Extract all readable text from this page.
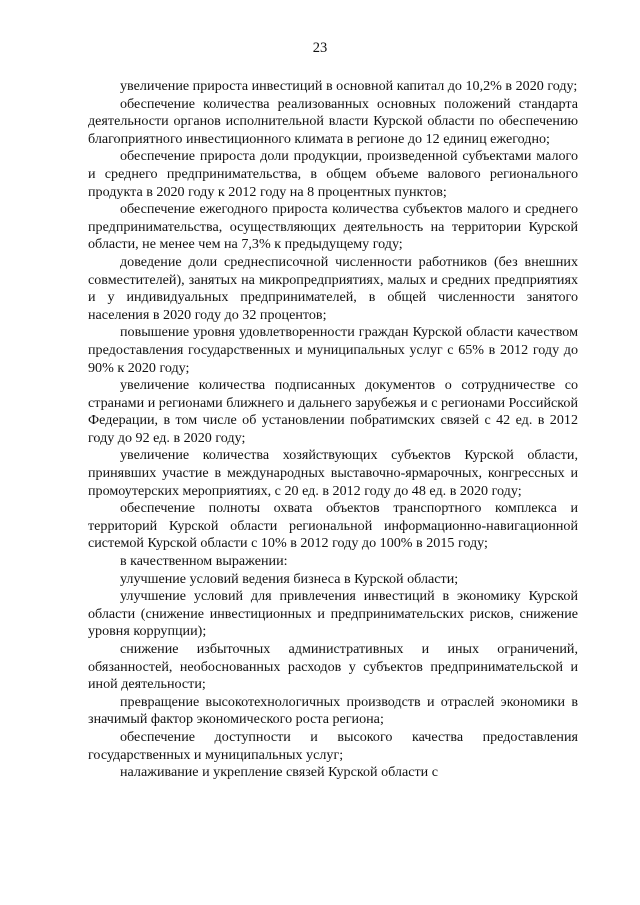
23

увеличение прироста инвестиций в основной капитал до 10,2% в 2020 году;

обеспечение количества реализованных основных положений стандарта деятельности органов исполнительной власти Курской области по обеспечению благоприятного инвестиционного климата в регионе до 12 единиц ежегодно;

обеспечение прироста доли продукции, произведенной субъектами малого и среднего предпринимательства, в общем объеме валового регионального продукта в 2020 году к 2012 году на 8 процентных пунктов;

обеспечение ежегодного прироста количества субъектов малого и среднего предпринимательства, осуществляющих деятельность на территории Курской области, не менее чем на 7,3% к предыдущему году;

доведение доли среднесписочной численности работников (без внешних совместителей), занятых на микропредприятиях, малых и средних предприятиях и у индивидуальных предпринимателей, в общей численности занятого населения в 2020 году до 32 процентов;

повышение уровня удовлетворенности граждан Курской области качеством предоставления государственных и муниципальных услуг с 65% в 2012 году до 90% к 2020 году;

увеличение количества подписанных документов о сотрудничестве со странами и регионами ближнего и дальнего зарубежья и с регионами Российской Федерации, в том числе об установлении побратимских связей с 42 ед. в 2012 году до 92 ед. в 2020 году;

увеличение количества хозяйствующих субъектов Курской области, принявших участие в международных выставочно-ярмарочных, конгрессных и промоутерских мероприятиях, с 20 ед. в 2012 году до 48 ед. в 2020 году;

обеспечение полноты охвата объектов транспортного комплекса и территорий Курской области региональной информационно-навигационной системой Курской области с 10% в 2012 году до 100% в 2015 году;

в качественном выражении:

улучшение условий ведения бизнеса в Курской области;

улучшение условий для привлечения инвестиций в экономику Курской области (снижение инвестиционных и предпринимательских рисков, снижение уровня коррупции);

снижение избыточных административных и иных ограничений, обязанностей, необоснованных расходов у субъектов предпринимательской и иной деятельности;

превращение высокотехнологичных производств и отраслей экономики в значимый фактор экономического роста региона;

обеспечение доступности и высокого качества предоставления государственных и муниципальных услуг;

налаживание и укрепление связей Курской области с
